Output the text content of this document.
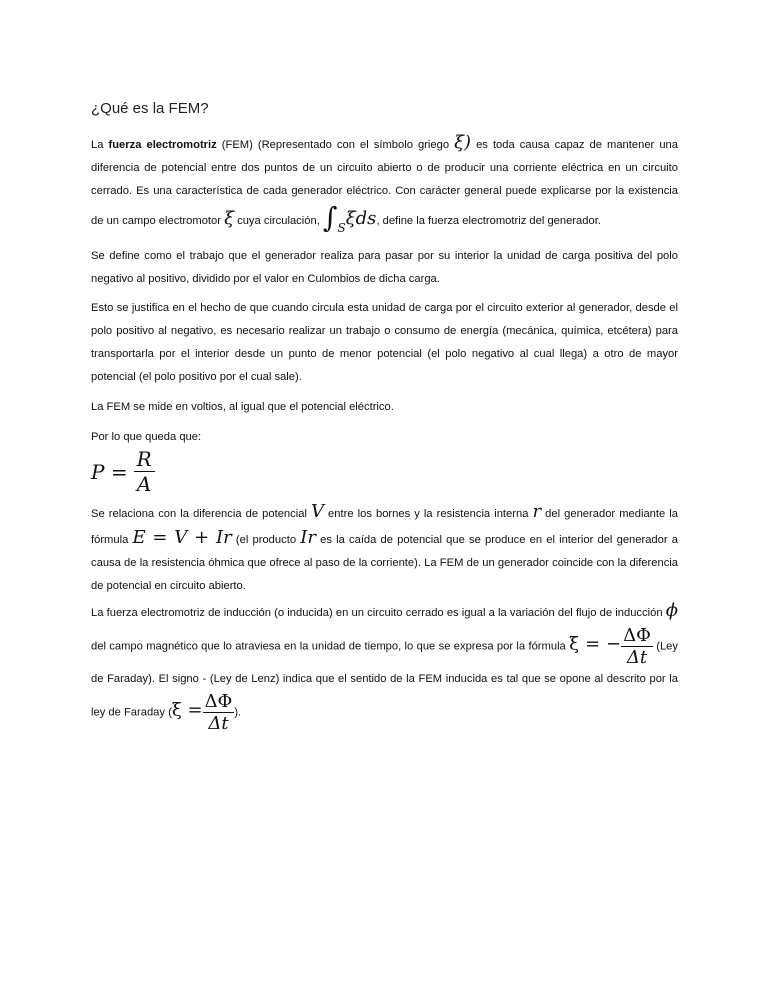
¿Qué es la FEM?

La fuerza electromotriz (FEM) (Representado con el símbolo griego ξ) es toda causa capaz de mantener una diferencia de potencial entre dos puntos de un circuito abierto o de producir una corriente eléctrica en un circuito cerrado. Es una característica de cada generador eléctrico. Con carácter general puede explicarse por la existencia de un campo electromotor ξ cuya circulación, ∫Sξds, define la fuerza electromotriz del generador.

Se define como el trabajo que el generador realiza para pasar por su interior la unidad de carga positiva del polo negativo al positivo, dividido por el valor en Culombios de dicha carga.

Esto se justifica en el hecho de que cuando circula esta unidad de carga por el circuito exterior al generador, desde el polo positivo al negativo, es necesario realizar un trabajo o consumo de energía (mecánica, química, etcétera) para transportarla por el interior desde un punto de menor potencial (el polo negativo al cual llega) a otro de mayor potencial (el polo positivo por el cual sale).

La FEM se mide en voltios, al igual que el potencial eléctrico.

Por lo que queda que:

$P = \frac{R}{A}$

Se relaciona con la diferencia de potencial V entre los bornes y la resistencia interna r del generador mediante la fórmula E = V + Ir (el producto Ir es la caída de potencial que se produce en el interior del generador a causa de la resistencia óhmica que ofrece al paso de la corriente). La FEM de un generador coincide con la diferencia de potencial en circuito abierto.

La fuerza electromotriz de inducción (o inducida) en un circuito cerrado es igual a la variación del flujo de inducción ϕ del campo magnético que lo atraviesa en la unidad de tiempo, lo que se expresa por la fórmula ξ = − $\frac{\Delta\Phi}{\Delta t} (Ley$ de Faraday). El signo - (Ley de Lenz) indica que el sentido de la FEM inducida es tal que se opone al descrito por la ley de Faraday ($\xi = \frac{\Delta\Phi}{\Delta t}$ ).
